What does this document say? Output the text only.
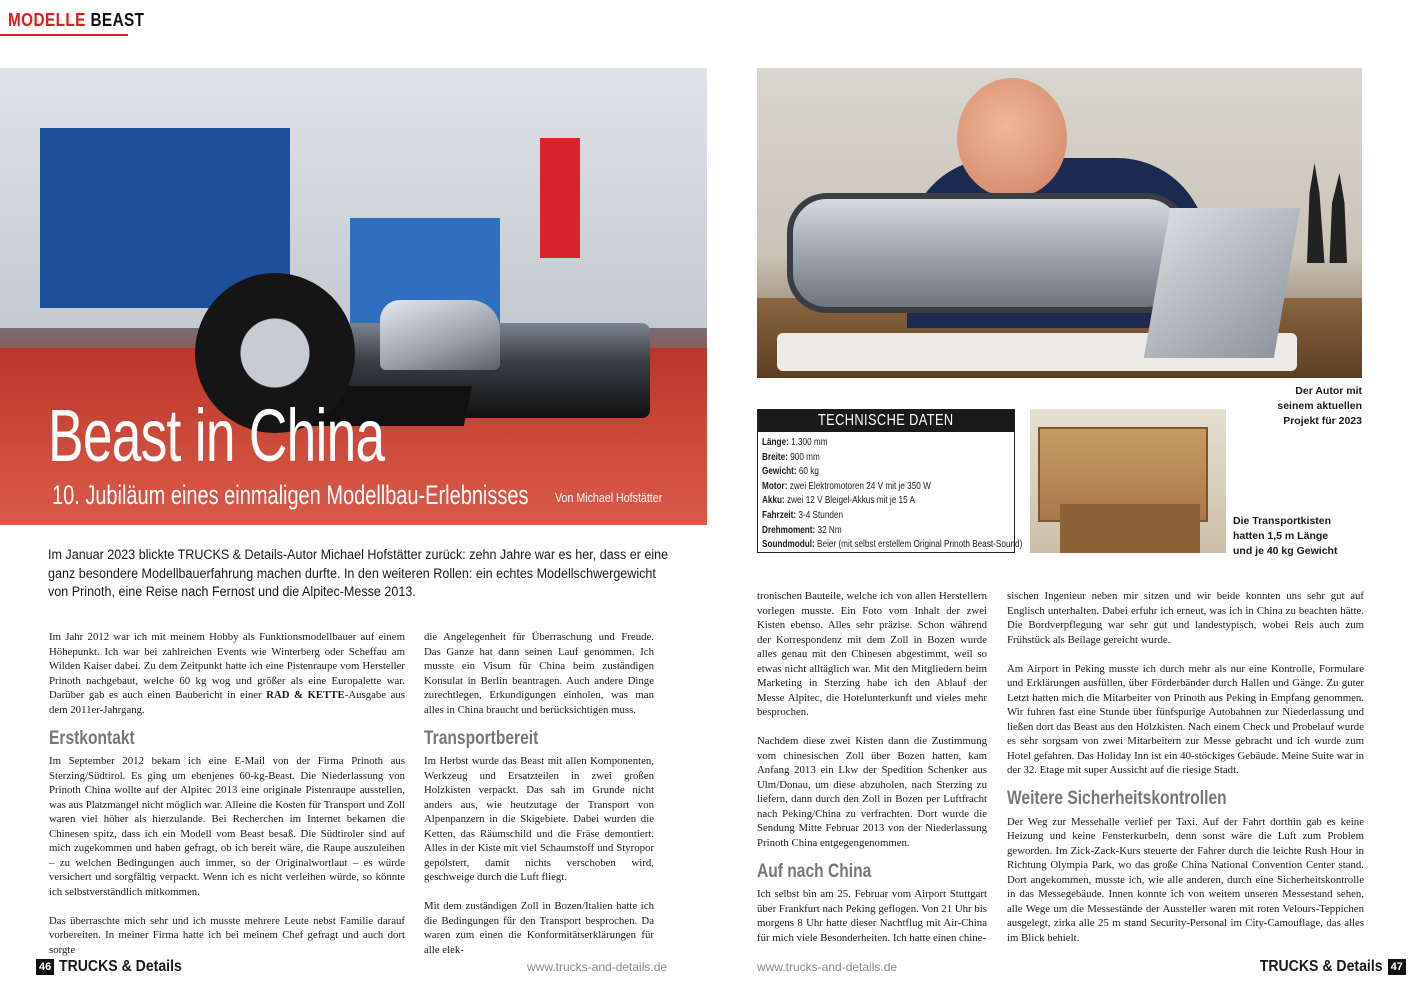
MODELLE BEAST
Beast in China
10. Jubiläum eines einmaligen Modellbau-Erlebnisses Von Michael Hofstätter
Der Autor mit seinem aktuellen Projekt für 2023
TECHNISCHE DATEN
Länge: 1.300 mm
Breite: 900 mm
Gewicht: 60 kg
Motor: zwei Elektromotoren 24 V mit je 350 W
Akku: zwei 12 V Bleigel-Akkus mit je 15 A
Fahrzeit: 3-4 Stunden
Drehmoment: 32 Nm
Soundmodul: Beier (mit selbst erstellem Original Prinoth Beast-Sound)
Die Transportkisten hatten 1,5 m Länge und je 40 kg Gewicht
Im Januar 2023 blickte TRUCKS & Details-Autor Michael Hofstätter zurück: zehn Jahre war es her, dass er eine ganz besondere Modellbauerfahrung machen durfte. In den weiteren Rollen: ein echtes Modellschwergewicht von Prinoth, eine Reise nach Fernost und die Alpitec-Messe 2013.

Im Jahr 2012 war ich mit meinem Hobby als Funktionsmodellbauer auf einem Höhepunkt. Ich war bei zahlreichen Events wie Winterberg oder Scheffau am Wilden Kaiser dabei. Zu dem Zeitpunkt hatte ich eine Pistenraupe vom Hersteller Prinoth nachgebaut, welche 60 kg wog und größer als eine Europalette war. Darüber gab es auch einen Baubericht in einer RAD & KETTE-Ausgabe aus dem 2011er-Jahrgang.

Erstkontakt

Im September 2012 bekam ich eine E-Mail von der Firma Prinoth aus Sterzing/Südtirol. Es ging um ebenjenes 60-kg-Beast. Die Niederlassung von Prinoth China wollte auf der Alpitec 2013 eine originale Pistenraupe ausstellen, was aus Platzmangel nicht möglich war. Alleine die Kosten für Transport und Zoll waren viel höher als hierzulande. Bei Recherchen im Internet bekamen die Chinesen spitz, dass ich ein Modell vom Beast besaß. Die Südtiroler sind auf mich zugekommen und haben gefragt, ob ich bereit wäre, die Raupe auszuleihen – zu welchen Bedingungen auch immer, so der Originalwortlaut – es würde versichert und sorgfältig verpackt. Wenn ich es nicht verleihen würde, so könnte ich selbstverständlich mitkommen.

Das überraschte mich sehr und ich musste mehrere Leute nebst Familie darauf vorbereiten. In meiner Firma hatte ich bei meinem Chef gefragt und auch dort sorgte

die Angelegenheit für Überraschung und Freude. Das Ganze hat dann seinen Lauf genommen. Ich musste ein Visum für China beim zuständigen Konsulat in Berlin beantragen. Auch andere Dinge zurechtlegen, Erkundigungen einholen, was man alles in China braucht und berücksichtigen muss.

Transportbereit

Im Herbst wurde das Beast mit allen Komponenten, Werkzeug und Ersatzteilen in zwei großen Holzkisten verpackt. Das sah im Grunde nicht anders aus, wie heutzutage der Transport von Alpenpanzern in die Skigebiete. Dabei wurden die Ketten, das Räumschild und die Fräse demontiert. Alles in der Kiste mit viel Schaumstoff und Styropor gepolstert, damit nichts verschoben wird, geschweige durch die Luft fliegt.

Mit dem zuständigen Zoll in Bozen/Italien hatte ich die Bedingungen für den Transport besprochen. Da waren zum einen die Konformitätserklärungen für alle elek-

tronischen Bauteile, welche ich von allen Herstellern vorlegen musste. Ein Foto vom Inhalt der zwei Kisten ebenso. Alles sehr präzise. Schon während der Korrespondenz mit dem Zoll in Bozen wurde alles genau mit den Chinesen abgestimmt, weil so etwas nicht alltäglich war. Mit den Mitgliedern beim Marketing in Sterzing habe ich den Ablauf der Messe Alpitec, die Hotelunterkunft und vieles mehr besprochen.

Nachdem diese zwei Kisten dann die Zustimmung vom chinesischen Zoll über Bozen hatten, kam Anfang 2013 ein Lkw der Spedition Schenker aus Ulm/Donau, um diese abzuholen, nach Sterzing zu liefern, dann durch den Zoll in Bozen per Luftfracht nach Peking/China zu verfrachten. Dort wurde die Sendung Mitte Februar 2013 von der Niederlassung Prinoth China entgegengenommen.

Auf nach China

Ich selbst bin am 25. Februar vom Airport Stuttgart über Frankfurt nach Peking geflogen. Von 21 Uhr bis morgens 8 Uhr hatte dieser Nachtflug mit Air-China für mich viele Besonderheiten. Ich hatte einen chine-

sischen Ingenieur neben mir sitzen und wir beide konnten uns sehr gut auf Englisch unterhalten. Dabei erfuhr ich erneut, was ich in China zu beachten hätte. Die Bordverpflegung war sehr gut und landestypisch, wobei Reis auch zum Frühstück als Beilage gereicht wurde.

Am Airport in Peking musste ich durch mehr als nur eine Kontrolle, Formulare und Erklärungen ausfüllen, über Förderbänder durch Hallen und Gänge. Zu guter Letzt hatten mich die Mitarbeiter von Prinoth aus Peking in Empfang genommen. Wir fuhren fast eine Stunde über fünfspurige Autobahnen zur Niederlassung und ließen dort das Beast aus den Holzkisten. Nach einem Check und Probelauf wurde es sehr sorgsam von zwei Mitarbeitern zur Messe gebracht und ich wurde zum Hotel gefahren. Das Holiday Inn ist ein 40-stöckiges Gebäude. Meine Suite war in der 32. Etage mit super Aussicht auf die riesige Stadt.

Weitere Sicherheitskontrollen

Der Weg zur Messehalle verlief per Taxi. Auf der Fahrt dorthin gab es keine Heizung und keine Fensterkurbeln, denn sonst wäre die Luft zum Problem geworden. Im Zick-Zack-Kurs steuerte der Fahrer durch die leichte Rush Hour in Richtung Olympia Park, wo das große China National Convention Center stand. Dort angekommen, musste ich, wie alle anderen, durch eine Sicherheitskontrolle in das Messegebäude. Innen konnte ich von weitem unseren Messestand sehen, alle Wege um die Messestände der Aussteller waren mit roten Velours-Teppichen ausgelegt, zirka alle 25 m stand Security-Personal im City-Camouflage, das alles im Blick behielt.

46 TRUCKS & Details	www.trucks-and-details.de	www.trucks-and-details.de	TRUCKS & Details 47
